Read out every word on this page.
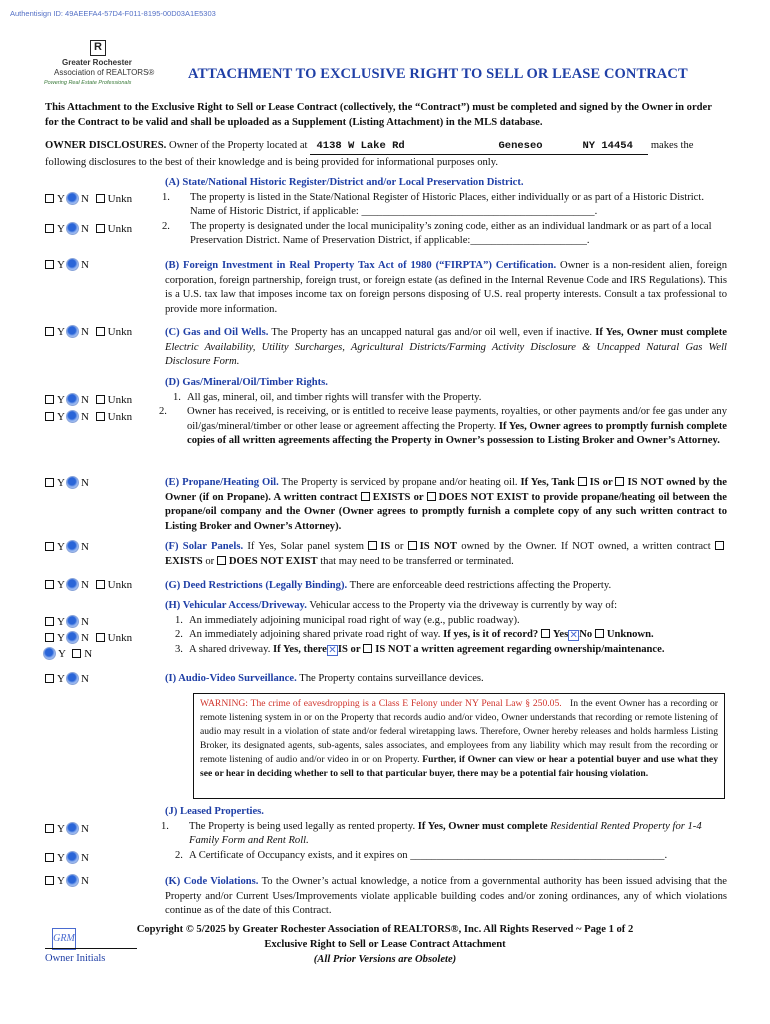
Authentisign ID: 49AEEFA4-57D4-F011-8195-00D03A1E5303
R
Greater Rochester
Association of REALTORS®
Powering Real Estate Professionals
ATTACHMENT TO EXCLUSIVE RIGHT TO SELL OR LEASE CONTRACT
This Attachment to the Exclusive Right to Sell or Lease Contract (collectively, the “Contract”) must be completed and signed by the Owner in order for the Contract to be valid and shall be uploaded as a Supplement (Listing Attachment) in the MLS database.
OWNER DISCLOSURES. Owner of the Property located at 4138 W Lake Rd	Geneseo	NY 14454 makes the following disclosures to the best of their knowledge and is being provided for informational purposes only.
(A) State/National Historic Register/District and/or Local Preservation District.
1. The property is listed in the State/National Register of Historic Places, either individually or as part of a Historic District. Name of Historic District, if applicable: ____________________________________________.
2. The property is designated under the local municipality’s zoning code, either as an individual landmark or as part of a local Preservation District. Name of Preservation District, if applicable:______________________.
Y N Unkn
Y N Unkn
(B) Foreign Investment in Real Property Tax Act of 1980 (“FIRPTA”) Certification. Owner is a non-resident alien, foreign corporation, foreign partnership, foreign trust, or foreign estate (as defined in the Internal Revenue Code and IRS Regulations). This is a U.S. tax law that imposes income tax on foreign persons disposing of U.S. real property interests. Consult a tax professional to provide more information.
Y N
(C) Gas and Oil Wells. The Property has an uncapped natural gas and/or oil well, even if inactive. If Yes, Owner must complete Electric Availability, Utility Surcharges, Agricultural Districts/Farming Activity Disclosure & Uncapped Natural Gas Well Disclosure Form.
Y N Unkn
(D) Gas/Mineral/Oil/Timber Rights.
1. All gas, mineral, oil, and timber rights will transfer with the Property.
2. Owner has received, is receiving, or is entitled to receive lease payments, royalties, or other payments and/or fee gas under any oil/gas/mineral/timber or other lease or agreement affecting the Property. If Yes, Owner agrees to promptly furnish complete copies of all written agreements affecting the Property in Owner’s possession to Listing Broker and Owner’s Attorney.
Y N Unkn
Y N Unkn
(E) Propane/Heating Oil. The Property is serviced by propane and/or heating oil. If Yes, Tank IS or IS NOT owned by the Owner (if on Propane). A written contract EXISTS or DOES NOT EXIST to provide propane/heating oil between the propane/oil company and the Owner (Owner agrees to promptly furnish a complete copy of any such written contract to Listing Broker and Owner’s Attorney).
Y N
(F) Solar Panels. If Yes, Solar panel system IS or IS NOT owned by the Owner. If NOT owned, a written contract EXISTS or DOES NOT EXIST that may need to be transferred or terminated.
Y N
(G) Deed Restrictions (Legally Binding). There are enforceable deed restrictions affecting the Property.
Y N Unkn
(H) Vehicular Access/Driveway. Vehicular access to the Property via the driveway is currently by way of:
1. An immediately adjoining municipal road right of way (e.g., public roadway).
2. An immediately adjoining shared private road right of way. If yes, is it of record? Yes✕No Unknown.
3. A shared driveway. If Yes, there✕IS or IS NOT a written agreement regarding ownership/maintenance.
Y N
Y N Unkn
Y N
(I) Audio-Video Surveillance. The Property contains surveillance devices.
Y N
WARNING: The crime of eavesdropping is a Class E Felony under NY Penal Law § 250.05. In the event Owner has a recording or remote listening system in or on the Property that records audio and/or video, Owner understands that recording or remote listening of audio may result in a violation of state and/or federal wiretapping laws. Therefore, Owner hereby releases and holds harmless Listing Broker, its designated agents, sub-agents, sales associates, and employees from any liability which may result from the recording or remote listening of audio and/or video in or on Property. Further, if Owner can view or hear a potential buyer and use what they see or hear in deciding whether to sell to that particular buyer, there may be a potential fair housing violation.
(J) Leased Properties.
1. The Property is being used legally as rented property. If Yes, Owner must complete Residential Rented Property for 1-4 Family Form and Rent Roll.
2. A Certificate of Occupancy exists, and it expires on ________________________________________________.
Y N
Y N
(K) Code Violations. To the Owner’s actual knowledge, a notice from a governmental authority has been issued advising that the Property and/or Current Uses/Improvements violate applicable building codes and/or zoning ordinances, any of which violations continue as of the date of this Contract.
Y N
GRM
Owner Initials
Copyright © 5/2025 by Greater Rochester Association of REALTORS®, Inc. All Rights Reserved ~ Page 1 of 2
Exclusive Right to Sell or Lease Contract Attachment
(All Prior Versions are Obsolete)
